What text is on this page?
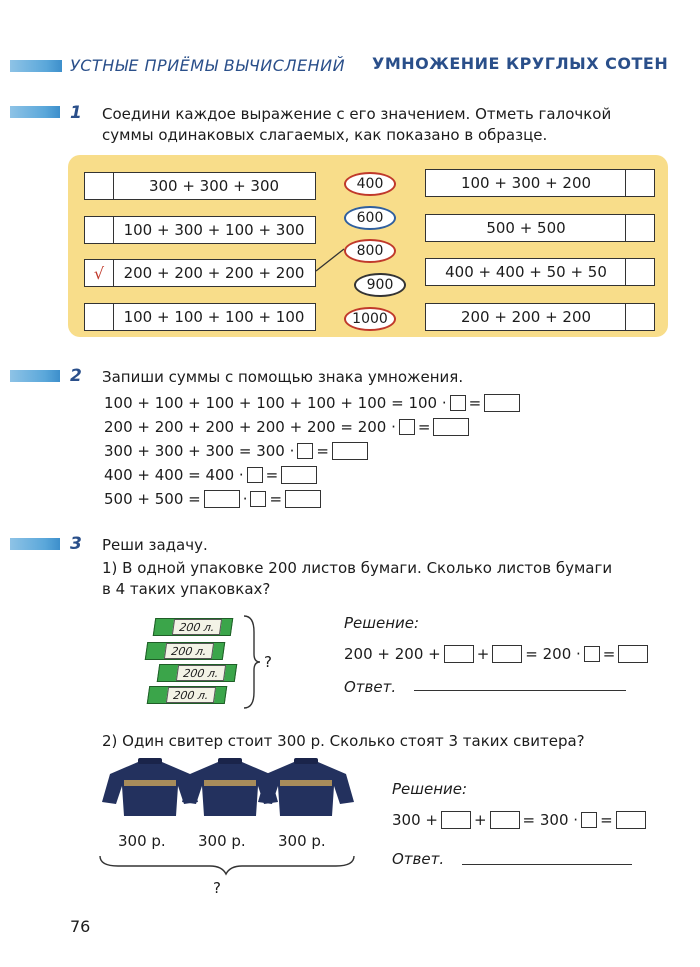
УСТНЫЕ ПРИЁМЫ ВЫЧИСЛЕНИЙ УМНОЖЕНИЕ КРУГЛЫХ СОТЕН
1 Соедини каждое выражение с его значением. Отметь галочкой
суммы одинаковых слагаемых, как показано в образце.
300 + 300 + 300
100 + 300 + 100 + 300
√	200 + 200 + 200 + 200
100 + 100 + 100 + 100
400
600
800
900
1000
100 + 300 + 200
500 + 500
400 + 400 + 50 + 50
200 + 200 + 200
2 Запиши суммы с помощью знака умножения.
100 + 100 + 100 + 100 + 100 + 100 =
100 · =
200 + 200 + 200 + 200 + 200 =
200 · =
300 + 300 + 300 =
300 · =
400 + 400 =
400 · =
500 + 500 =	· =
3 Реши задачу.
1) В одной упаковке 200 листов бумаги. Сколько листов бумаги
в 4 таких упаковках?
200 л.
200 л.
200 л.
200 л.
?
Решение:
200 + 200 + + = 200 · =
Ответ.
2) Один свитер стоит 300 р. Сколько стоят 3 таких свитера?
300 р. 300 р. 300 р.
?
Решение:
300 + + = 300 · =
Ответ.
76
